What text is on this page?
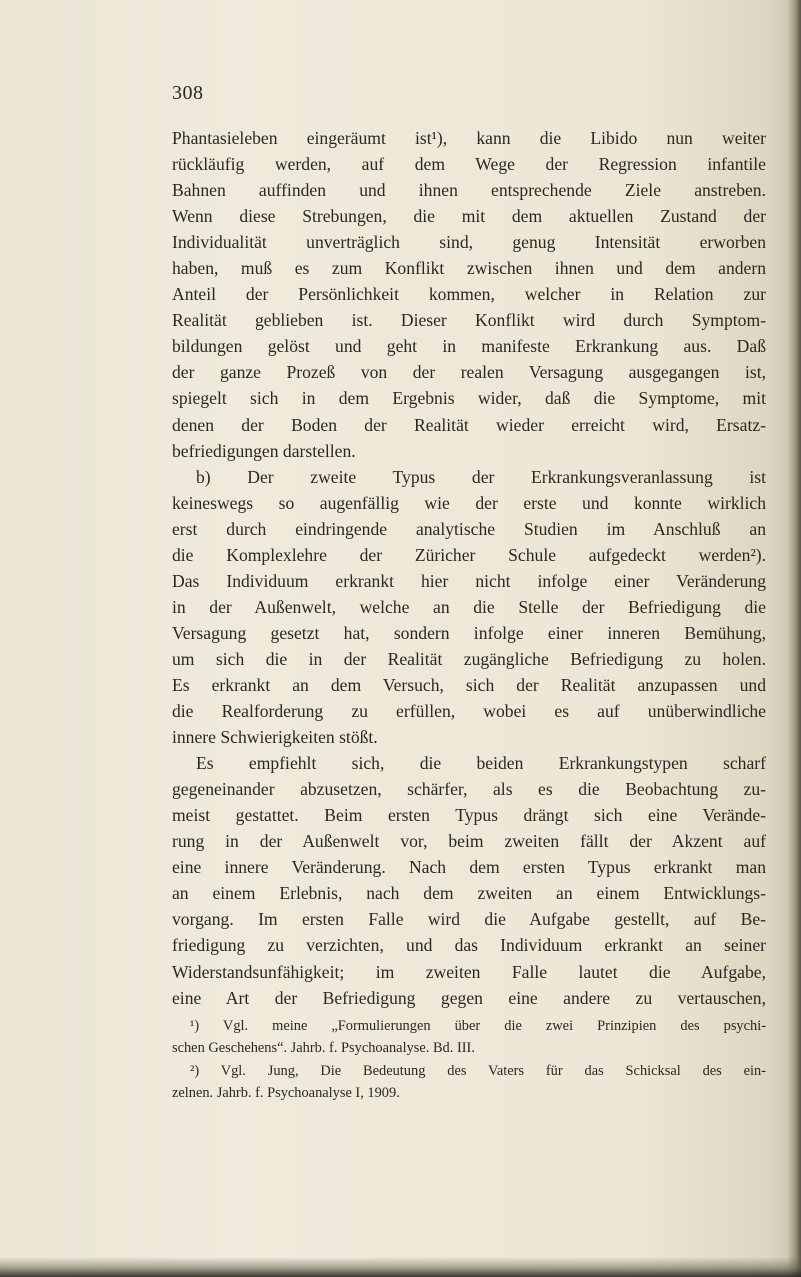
308
Phantasieleben eingeräumt ist¹), kann die Libido nun weiter
rückläufig werden, auf dem Wege der Regression infantile
Bahnen auffinden und ihnen entsprechende Ziele anstreben.
Wenn diese Strebungen, die mit dem aktuellen Zustand der
Individualität unverträglich sind, genug Intensität erworben
haben, muß es zum Konflikt zwischen ihnen und dem andern
Anteil der Persönlichkeit kommen, welcher in Relation zur
Realität geblieben ist. Dieser Konflikt wird durch Symptom-
bildungen gelöst und geht in manifeste Erkrankung aus. Daß
der ganze Prozeß von der realen Versagung ausgegangen ist,
spiegelt sich in dem Ergebnis wider, daß die Symptome, mit
denen der Boden der Realität wieder erreicht wird, Ersatz-
befriedigungen darstellen.
b) Der zweite Typus der Erkrankungsveranlassung ist
keineswegs so augenfällig wie der erste und konnte wirklich
erst durch eindringende analytische Studien im Anschluß an
die Komplexlehre der Züricher Schule aufgedeckt werden²).
Das Individuum erkrankt hier nicht infolge einer Veränderung
in der Außenwelt, welche an die Stelle der Befriedigung die
Versagung gesetzt hat, sondern infolge einer inneren Bemühung,
um sich die in der Realität zugängliche Befriedigung zu holen.
Es erkrankt an dem Versuch, sich der Realität anzupassen und
die Realforderung zu erfüllen, wobei es auf unüberwindliche
innere Schwierigkeiten stößt.
Es empfiehlt sich, die beiden Erkrankungstypen scharf
gegeneinander abzusetzen, schärfer, als es die Beobachtung zu-
meist gestattet. Beim ersten Typus drängt sich eine Verände-
rung in der Außenwelt vor, beim zweiten fällt der Akzent auf
eine innere Veränderung. Nach dem ersten Typus erkrankt man
an einem Erlebnis, nach dem zweiten an einem Entwicklungs-
vorgang. Im ersten Falle wird die Aufgabe gestellt, auf Be-
friedigung zu verzichten, und das Individuum erkrankt an seiner
Widerstandsunfähigkeit; im zweiten Falle lautet die Aufgabe,
eine Art der Befriedigung gegen eine andere zu vertauschen,
¹) Vgl. meine „Formulierungen über die zwei Prinzipien des psychi-
schen Geschehens“. Jahrb. f. Psychoanalyse. Bd. III.
²) Vgl. Jung, Die Bedeutung des Vaters für das Schicksal des ein-
zelnen. Jahrb. f. Psychoanalyse I, 1909.
